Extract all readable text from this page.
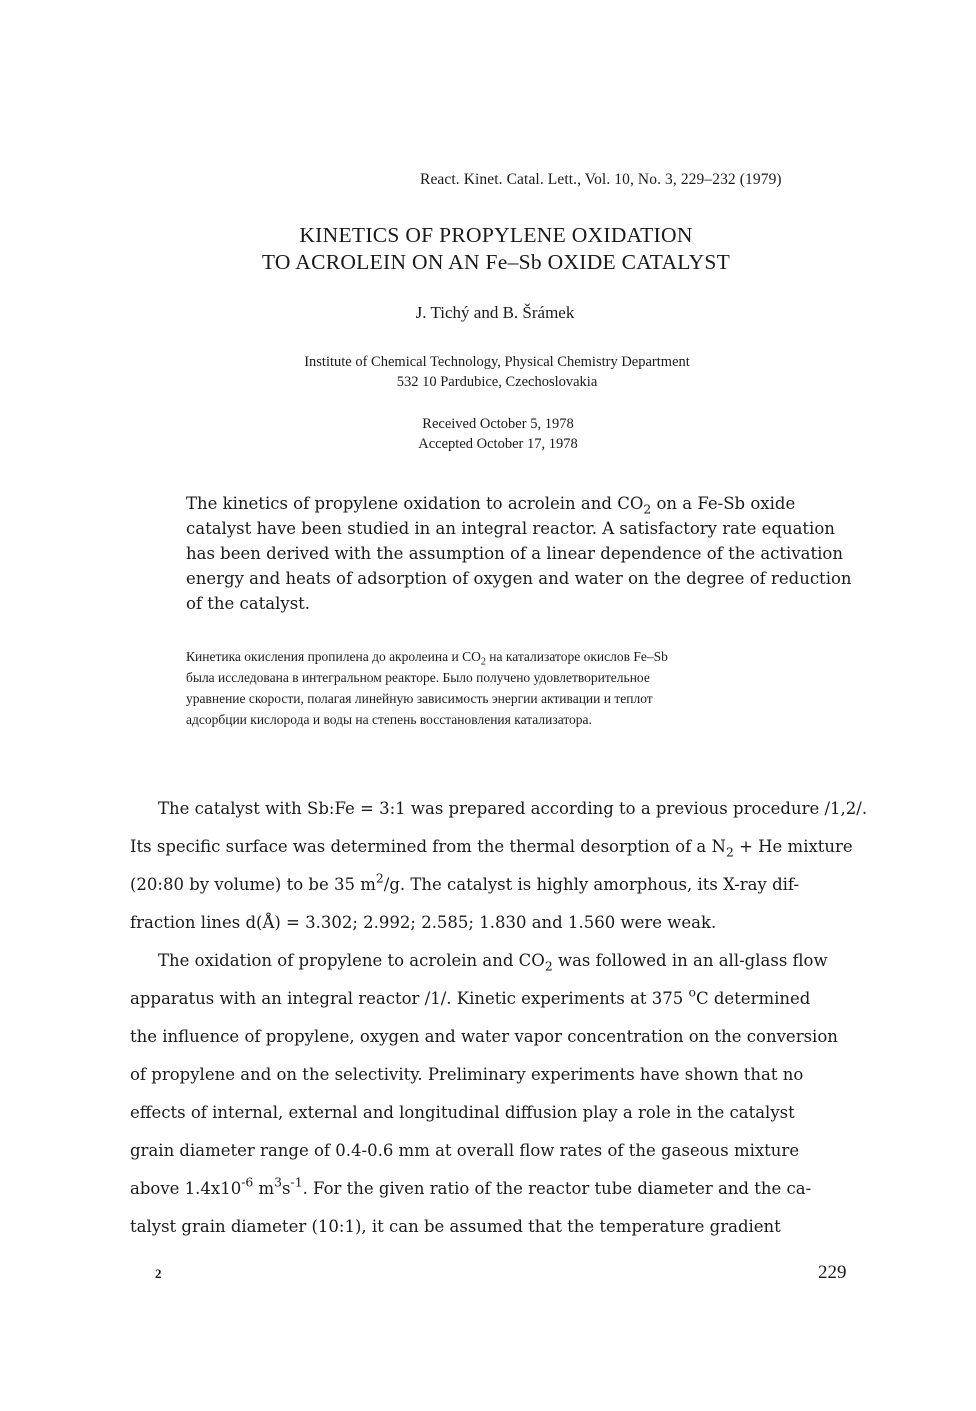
React. Kinet. Catal. Lett., Vol. 10, No. 3, 229–232 (1979)
KINETICS OF PROPYLENE OXIDATION
TO ACROLEIN ON AN Fe–Sb OXIDE CATALYST
J. Tichý and B. Šrámek
Institute of Chemical Technology, Physical Chemistry Department
532 10 Pardubice, Czechoslovakia
Received October 5, 1978
Accepted October 17, 1978
The kinetics of propylene oxidation to acrolein and $CO_2$ on a Fe-Sb oxide
catalyst have been studied in an integral reactor. A satisfactory rate equation
has been derived with the assumption of a linear dependence of the activation
energy and heats of adsorption of oxygen and water on the degree of reduction
of the catalyst.
Кинетика окисления пропилена до акролеина и $CO_2$ на катализаторе окислов Fe–Sb
была исследована в интегральном реакторе. Было получено удовлетворительное
уравнение скорости, полагая линейную зависимость энергии активации и теплот
адсорбции кислорода и воды на степень восстановления катализатора.
The catalyst with Sb:Fe = 3:1 was prepared according to a previous procedure /1,2/.
Its specific surface was determined from the thermal desorption of a $N_2 + He$ mixture
(20:80 by volume) to be 35 $m^2/g$. The catalyst is highly amorphous, its X-ray dif-
fraction lines d(Å) = 3.302; 2.992; 2.585; 1.830 and 1.560 were weak.
The oxidation of propylene to acrolein and $CO_2$ was followed in an all-glass flow
apparatus with an integral reactor /1/. Kinetic experiments at 375 $^o$C determined
the influence of propylene, oxygen and water vapor concentration on the conversion
of propylene and on the selectivity. Preliminary experiments have shown that no
effects of internal, external and longitudinal diffusion play a role in the catalyst
grain diameter range of 0.4-0.6 mm at overall flow rates of the gaseous mixture
above $1.4x10^{-6}$ $m^3s^{-1}$. For the given ratio of the reactor tube diameter and the ca-
talyst grain diameter (10:1), it can be assumed that the temperature gradient
2	229
